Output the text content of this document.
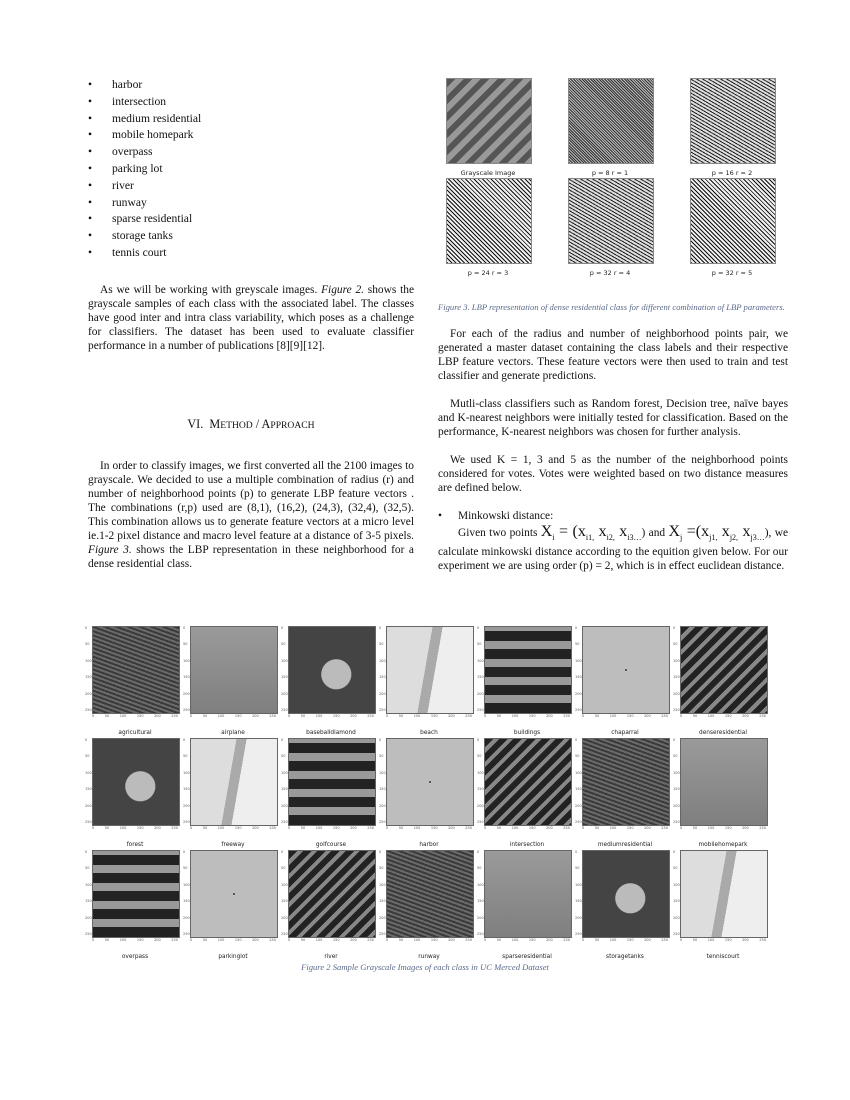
• harbor
• intersection
• medium residential
• mobile homepark
• overpass
• parking lot
• river
• runway
• sparse residential
• storage tanks
• tennis court

As we will be working with greyscale images. Figure 2. shows the grayscale samples of each class with the associated label. The classes have good inter and intra class variability, which poses as a challenge for classifiers. The dataset has been used to evaluate classifier performance in a number of publications [8][9][12].

VI. METHOD / APPROACH

In order to classify images, we first converted all the 2100 images to grayscale. We decided to use a multiple combination of radius (r) and number of neighborhood points (p) to generate LBP feature vectors . The combinations (r,p) used are (8,1), (16,2), (24,3), (32,4), (32,5). This combination allows us to generate feature vectors at a micro level ie.1-2 pixel distance and macro level feature at a distance of 3-5 pixels. Figure 3. shows the LBP representation in these neighborhood for a dense residential class.

Grayscale Image	p = 8 r = 1	p = 16 r = 2
p = 24 r = 3	p = 32 r = 4	p = 32 r = 5
Figure 3. LBP representation of dense residential class for different combination of LBP parameters.

For each of the radius and number of neighborhood points pair, we generated a master dataset containing the class labels and their respective LBP feature vectors. These feature vectors were then used to train and test classifier and generate predictions.

Mutli-class classifiers such as Random forest, Decision tree, naïve bayes and K-nearest neighbors were initially tested for classification. Based on the performance, K-nearest neighbors was chosen for further analysis.

We used K = 1, 3 and 5 as the number of the neighborhood points considered for votes. Votes were weighted based on two distance measures are defined below.

• Minkowski distance:

Given two points $X_i = (x_{i1,}$ $x_{i2,}$ $x_{i3\dots}$) and $X_j =(x_{j1,}$ $x_{j2,}$ $x_{j3\dots}$), we calculate minkowski distance according to the equition given below. For our experiment we are using order (p) = 2, which is in effect euclidean distance.

0
50
100
150
200
250
0	50	100	150	200	250
agricultural
0
50
100
150
200
250
0	50	100	150	200	250
airplane
0
50
100
150
200
250
0	50	100	150	200	250
baseballdiamond
0
50
100
150
200
250
0	50	100	150	200	250
beach
0
50
100
150
200
250
0	50	100	150	200	250
buildings
0
50
100
150
200
250
0	50	100	150	200	250
chaparral
0
50
100
150
200
250
0	50	100	150	200	250
denseresidential
0
50
100
150
200
250
0	50	100	150	200	250
forest
0
50
100
150
200
250
0	50	100	150	200	250
freeway
0
50
100
150
200
250
0	50	100	150	200	250
golfcourse
0
50
100
150
200
250
0	50	100	150	200	250
harbor
0
50
100
150
200
250
0	50	100	150	200	250
intersection
0
50
100
150
200
250
0	50	100	150	200	250
mediumresidential
0
50
100
150
200
250
0	50	100	150	200	250
mobilehomepark
0
50
100
150
200
250
0	50	100	150	200	250
overpass
0
50
100
150
200
250
0	50	100	150	200	250
parkinglot
0
50
100
150
200
250
0	50	100	150	200	250
river
0
50
100
150
200
250
0	50	100	150	200	250
runway
0
50
100
150
200
250
0	50	100	150	200	250
sparseresidential
0
50
100
150
200
250
0	50	100	150	200	250
storagetanks
0
50
100
150
200
250
0	50	100	150	200	250
tenniscourt
Figure 2 Sample Grayscale Images of each class in UC Merced Dataset
